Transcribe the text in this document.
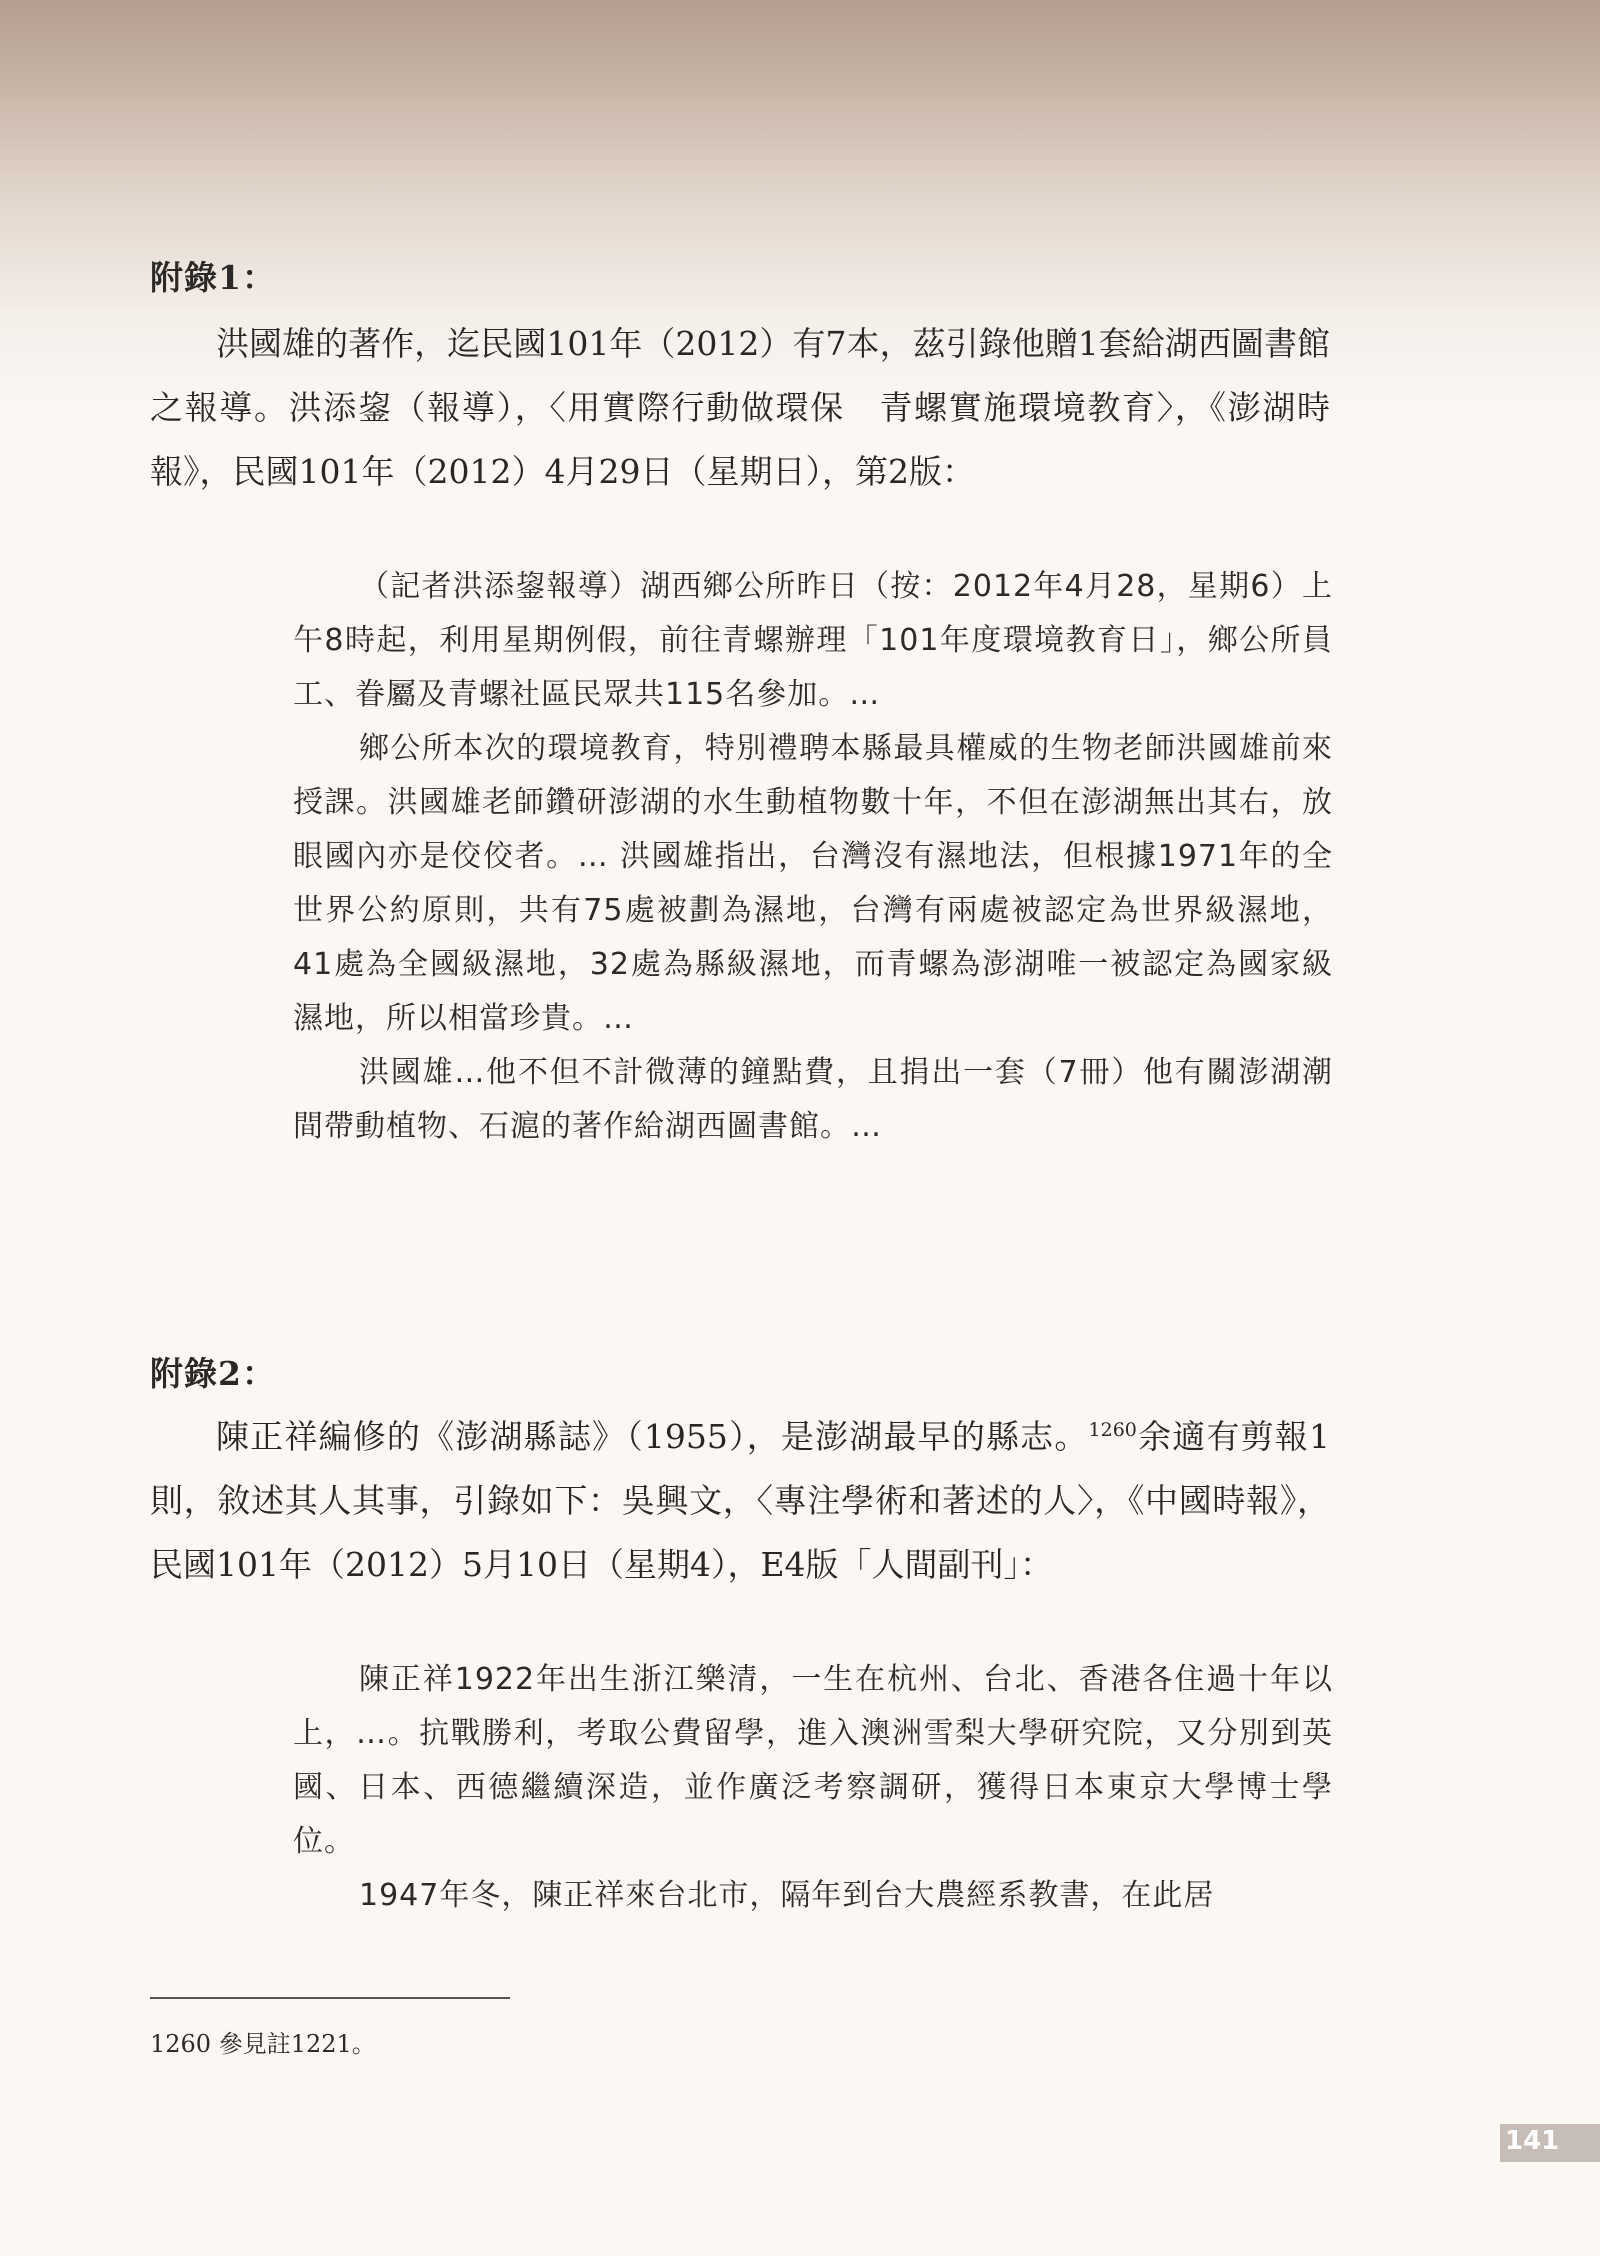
附錄1：

洪國雄的著作，迄民國101年（2012）有7本，茲引錄他贈1套給湖西圖書館之報導。洪添鋆（報導），〈用實際行動做環保　青螺實施環境教育〉，《澎湖時報》，民國101年（2012）4月29日（星期日），第2版：

（記者洪添鋆報導）湖西鄉公所昨日（按：2012年4月28，星期6）上午8時起，利用星期例假，前往青螺辦理「101年度環境教育日」，鄉公所員工、眷屬及青螺社區民眾共115名參加。…

鄉公所本次的環境教育，特別禮聘本縣最具權威的生物老師洪國雄前來授課。洪國雄老師鑽研澎湖的水生動植物數十年，不但在澎湖無出其右，放眼國內亦是佼佼者。… 洪國雄指出，台灣沒有濕地法，但根據1971年的全世界公約原則，共有75處被劃為濕地，台灣有兩處被認定為世界級濕地，41處為全國級濕地，32處為縣級濕地，而青螺為澎湖唯一被認定為國家級濕地，所以相當珍貴。…

洪國雄…他不但不計微薄的鐘點費，且捐出一套（7冊）他有關澎湖潮間帶動植物、石滬的著作給湖西圖書館。…

附錄2：

陳正祥編修的《澎湖縣誌》（1955），是澎湖最早的縣志。$^{1260}$余適有剪報1則，敘述其人其事，引錄如下：吳興文，〈專注學術和著述的人〉，《中國時報》，民國101年（2012）5月10日（星期4），E4版「人間副刊」：

陳正祥1922年出生浙江樂清，一生在杭州、台北、香港各住過十年以上，…。抗戰勝利，考取公費留學，進入澳洲雪梨大學研究院，又分別到英國、日本、西德繼續深造，並作廣泛考察調研，獲得日本東京大學博士學位。

1947年冬，陳正祥來台北市，隔年到台大農經系教書，在此居

1260 參見註1221。
141
